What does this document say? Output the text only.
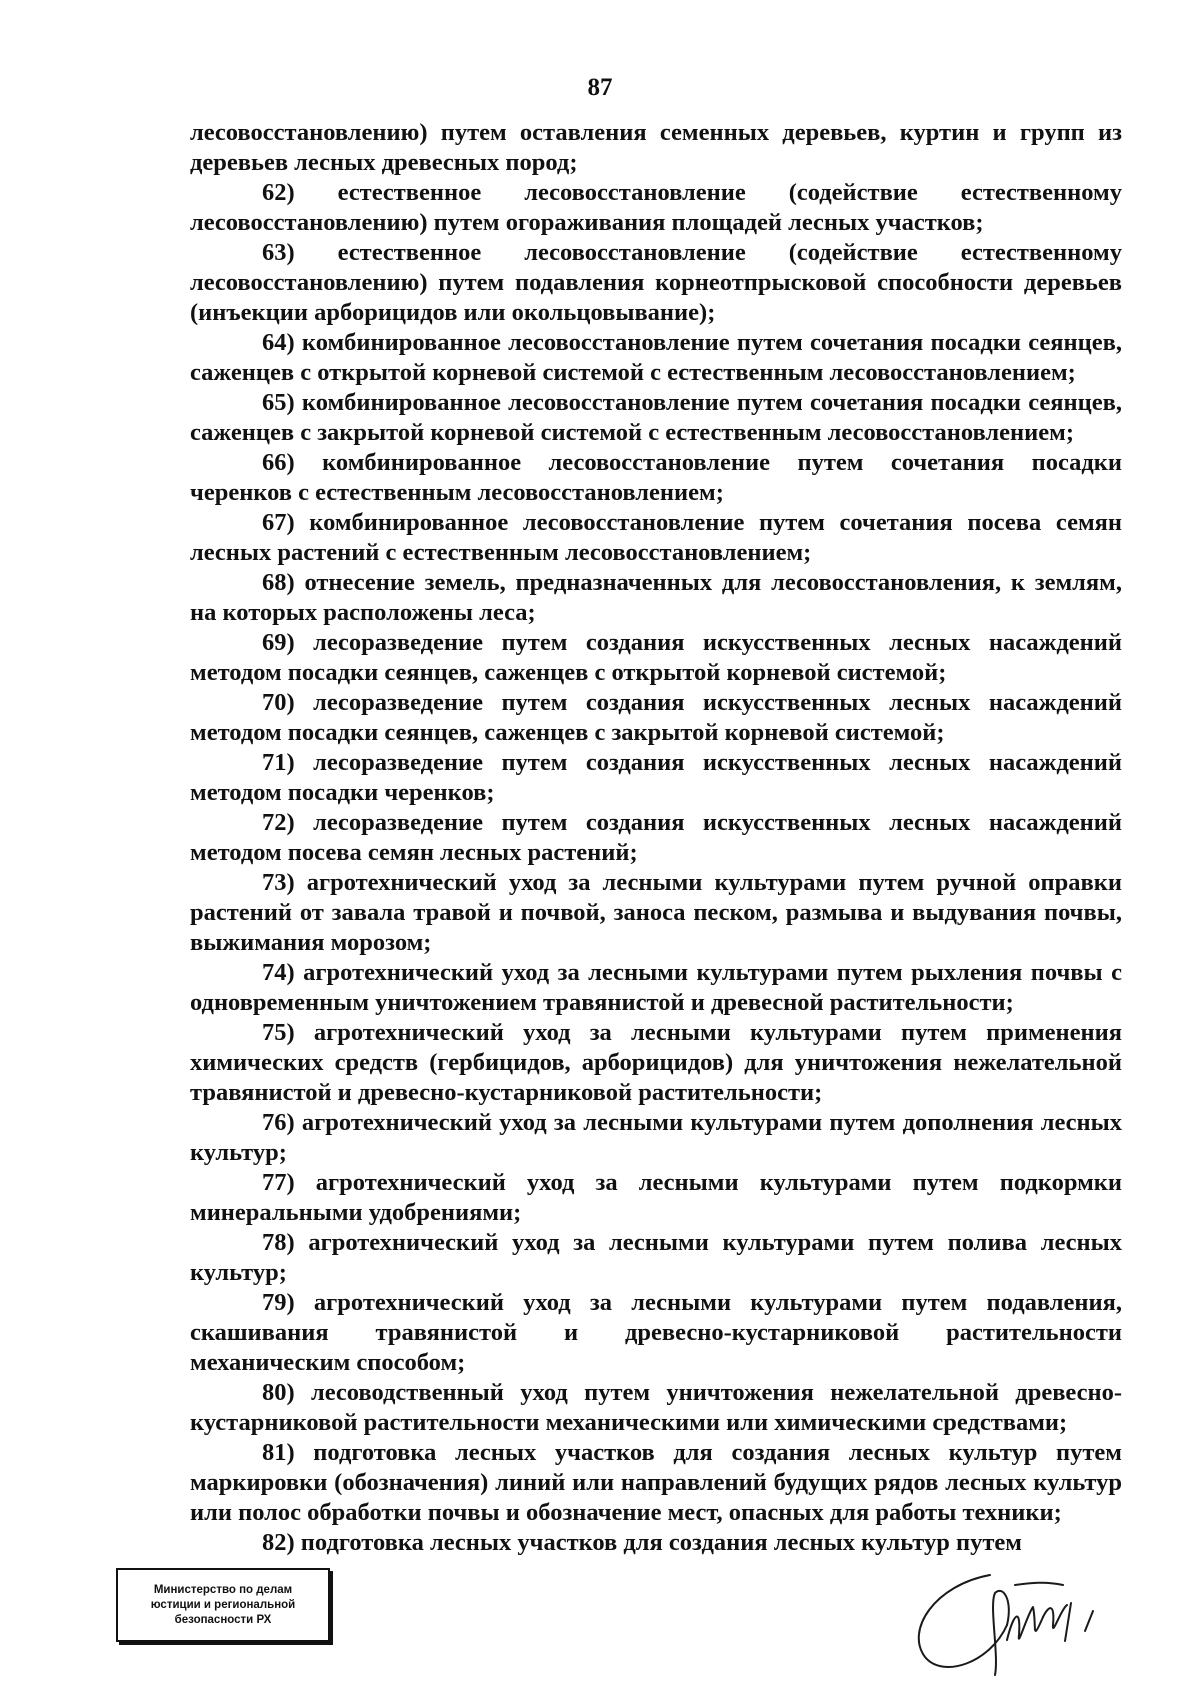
87

лесовосстановлению) путем оставления семенных деревьев, куртин и групп из деревьев лесных древесных пород;

62) естественное лесовосстановление (содействие естественному лесовосстановлению) путем огораживания площадей лесных участков;

63) естественное лесовосстановление (содействие естественному лесовосстановлению) путем подавления корнеотпрысковой способности деревьев (инъекции арборицидов или окольцовывание);

64) комбинированное лесовосстановление путем сочетания посадки сеянцев, саженцев с открытой корневой системой с естественным лесовосстановлением;

65) комбинированное лесовосстановление путем сочетания посадки сеянцев, саженцев с закрытой корневой системой с естественным лесовосстановлением;

66) комбинированное лесовосстановление путем сочетания посадки черенков с естественным лесовосстановлением;

67) комбинированное лесовосстановление путем сочетания посева семян лесных растений с естественным лесовосстановлением;

68) отнесение земель, предназначенных для лесовосстановления, к землям, на которых расположены леса;

69) лесоразведение путем создания искусственных лесных насаждений методом посадки сеянцев, саженцев с открытой корневой системой;

70) лесоразведение путем создания искусственных лесных насаждений методом посадки сеянцев, саженцев с закрытой корневой системой;

71) лесоразведение путем создания искусственных лесных насаждений методом посадки черенков;

72) лесоразведение путем создания искусственных лесных насаждений методом посева семян лесных растений;

73) агротехнический уход за лесными культурами путем ручной оправки растений от завала травой и почвой, заноса песком, размыва и выдувания почвы, выжимания морозом;

74) агротехнический уход за лесными культурами путем рыхления почвы с одновременным уничтожением травянистой и древесной растительности;

75) агротехнический уход за лесными культурами путем применения химических средств (гербицидов, арборицидов) для уничтожения нежелательной травянистой и древесно-кустарниковой растительности;

76) агротехнический уход за лесными культурами путем дополнения лесных культур;

77) агротехнический уход за лесными культурами путем подкормки минеральными удобрениями;

78) агротехнический уход за лесными культурами путем полива лесных культур;

79) агротехнический уход за лесными культурами путем подавления, скашивания травянистой и древесно-кустарниковой растительности механическим способом;

80) лесоводственный уход путем уничтожения нежелательной древесно-кустарниковой растительности механическими или химическими средствами;

81) подготовка лесных участков для создания лесных культур путем маркировки (обозначения) линий или направлений будущих рядов лесных культур или полос обработки почвы и обозначение мест, опасных для работы техники;

82) подготовка лесных участков для создания лесных культур путем

Министерство по делам
юстиции и региональной
безопасности РХ
